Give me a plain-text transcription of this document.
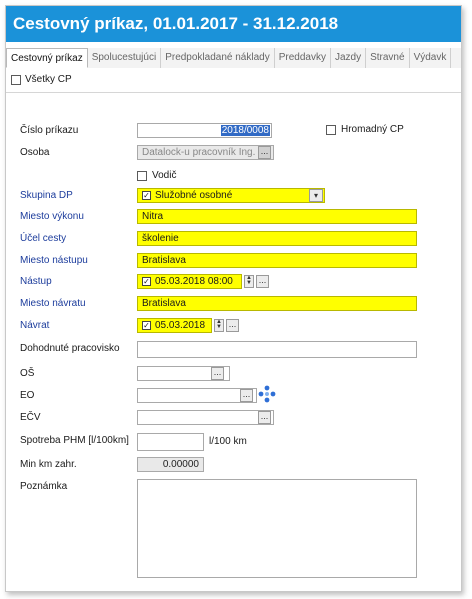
Cestovný príkaz, 01.01.2017 - 31.12.2018
Cestovný príkaz Spolucestujúci Predpokladané náklady Preddavky Jazdy Stravné Výdavk
Všetky CP
Číslo príkazu	2018/0008	Hromadný CP
Osoba	Datalock-u pracovník Ing. ...
Vodič
Skupina DP	✓ Služobné osobné	▾
Miesto výkonu	Nitra
Účel cesty	školenie
Miesto nástupu	Bratislava
Nástup	✓ 05.03.2018 08:00	▲
▼ ...
Miesto návratu	Bratislava
Návrat	✓ 05.03.2018	▲
▼ ...
Dohodnuté pracovisko
OŠ	...
EO	...
EČV	...
Spotreba PHM [l/100km]	l/100 km
Min km zahr.	0.00000
Poznámka
